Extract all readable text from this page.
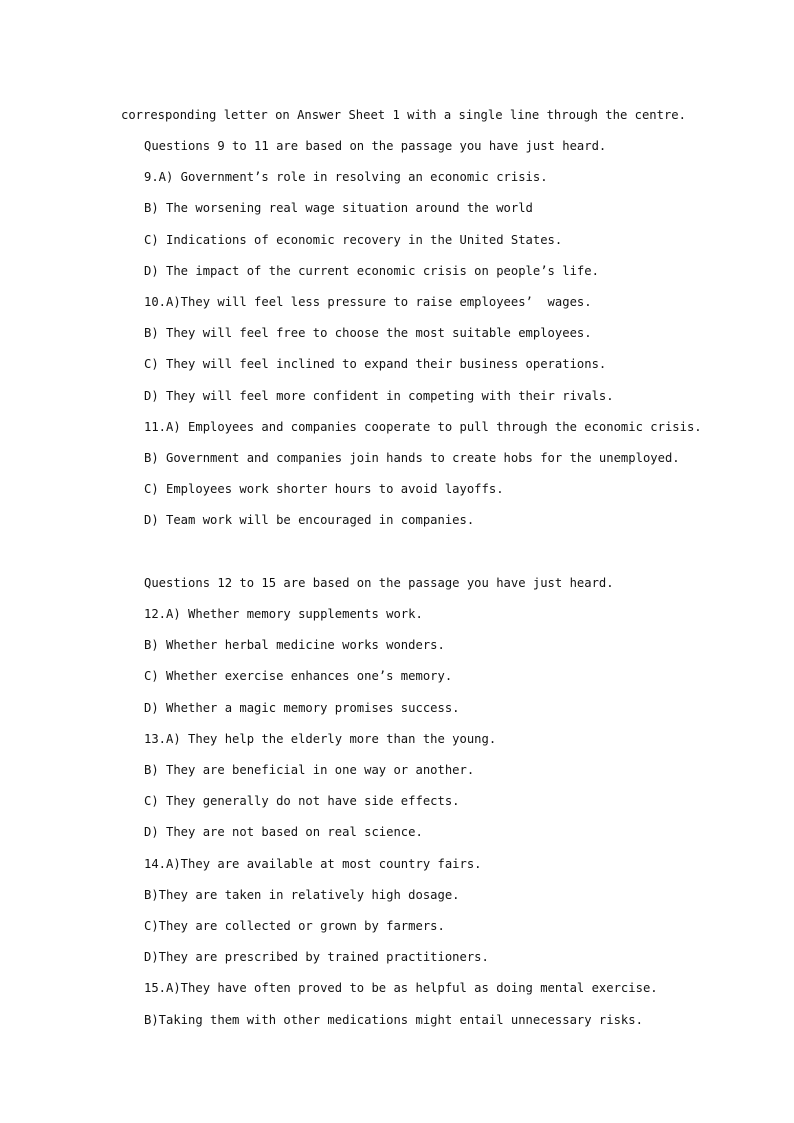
corresponding letter on Answer Sheet 1 with a single line through the centre.
Questions 9 to 11 are based on the passage you have just heard.
9.A) Government’s role in resolving an economic crisis.
B) The worsening real wage situation around the world
C) Indications of economic recovery in the United States.
D) The impact of the current economic crisis on people’s life.
10.A)They will feel less pressure to raise employees’  wages.
B) They will feel free to choose the most suitable employees.
C) They will feel inclined to expand their business operations.
D) They will feel more confident in competing with their rivals.
11.A) Employees and companies cooperate to pull through the economic crisis.
B) Government and companies join hands to create hobs for the unemployed.
C) Employees work shorter hours to avoid layoffs.
D) Team work will be encouraged in companies.
Questions 12 to 15 are based on the passage you have just heard.
12.A) Whether memory supplements work.
B) Whether herbal medicine works wonders.
C) Whether exercise enhances one’s memory.
D) Whether a magic memory promises success.
13.A) They help the elderly more than the young.
B) They are beneficial in one way or another.
C) They generally do not have side effects.
D) They are not based on real science.
14.A)They are available at most country fairs.
B)They are taken in relatively high dosage.
C)They are collected or grown by farmers.
D)They are prescribed by trained practitioners.
15.A)They have often proved to be as helpful as doing mental exercise.
B)Taking them with other medications might entail unnecessary risks.
